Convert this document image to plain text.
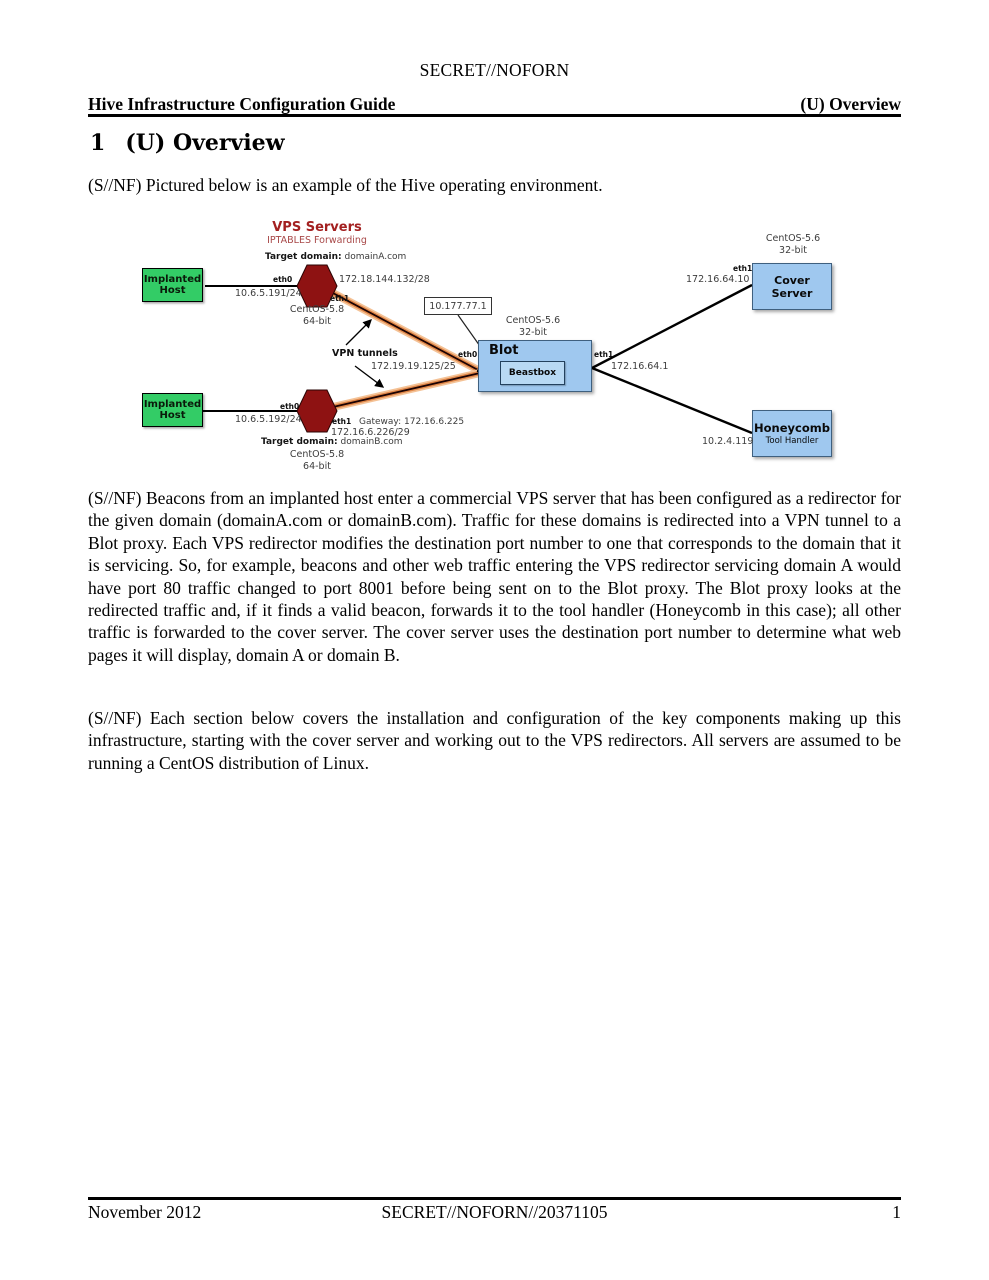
SECRET//NOFORN
Hive Infrastructure Configuration Guide	(U) Overview
1 (U) Overview
(S//NF) Pictured below is an example of the Hive operating environment.
VPS Servers
IPTABLES Forwarding
Target domain: domainA.com
Implanted Host
eth0
10.6.5.191/24
172.18.144.132/28
eth1
CentOS-5.8
64-bit
10.177.77.1
CentOS-5.6
32-bit
Blot
Beastbox
eth0	eth1
172.16.64.1
VPN tunnels
172.19.19.125/25
Implanted Host
eth0
10.6.5.192/24	eth1 Gateway: 172.16.6.225
172.16.6.226/29
Target domain: domainB.com
CentOS-5.8
64-bit
CentOS-5.6
32-bit
eth1
172.16.64.10	Cover Server
Honeycomb
Tool Handler
10.2.4.119
(S//NF) Beacons from an implanted host enter a commercial VPS server that has been configured as a redirector for the given domain (domainA.com or domainB.com). Traffic for these domains is redirected into a VPN tunnel to a Blot proxy. Each VPS redirector modifies the destination port number to one that corresponds to the domain that it is servicing. So, for example, beacons and other web traffic entering the VPS redirector servicing domain A would have port 80 traffic changed to port 8001 before being sent on to the Blot proxy. The Blot proxy looks at the redirected traffic and, if it finds a valid beacon, forwards it to the tool handler (Honeycomb in this case); all other traffic is forwarded to the cover server. The cover server uses the destination port number to determine what web pages it will display, domain A or domain B.
(S//NF) Each section below covers the installation and configuration of the key components making up this infrastructure, starting with the cover server and working out to the VPS redirectors. All servers are assumed to be running a CentOS distribution of Linux.
November 2012	SECRET//NOFORN//20371105	1
